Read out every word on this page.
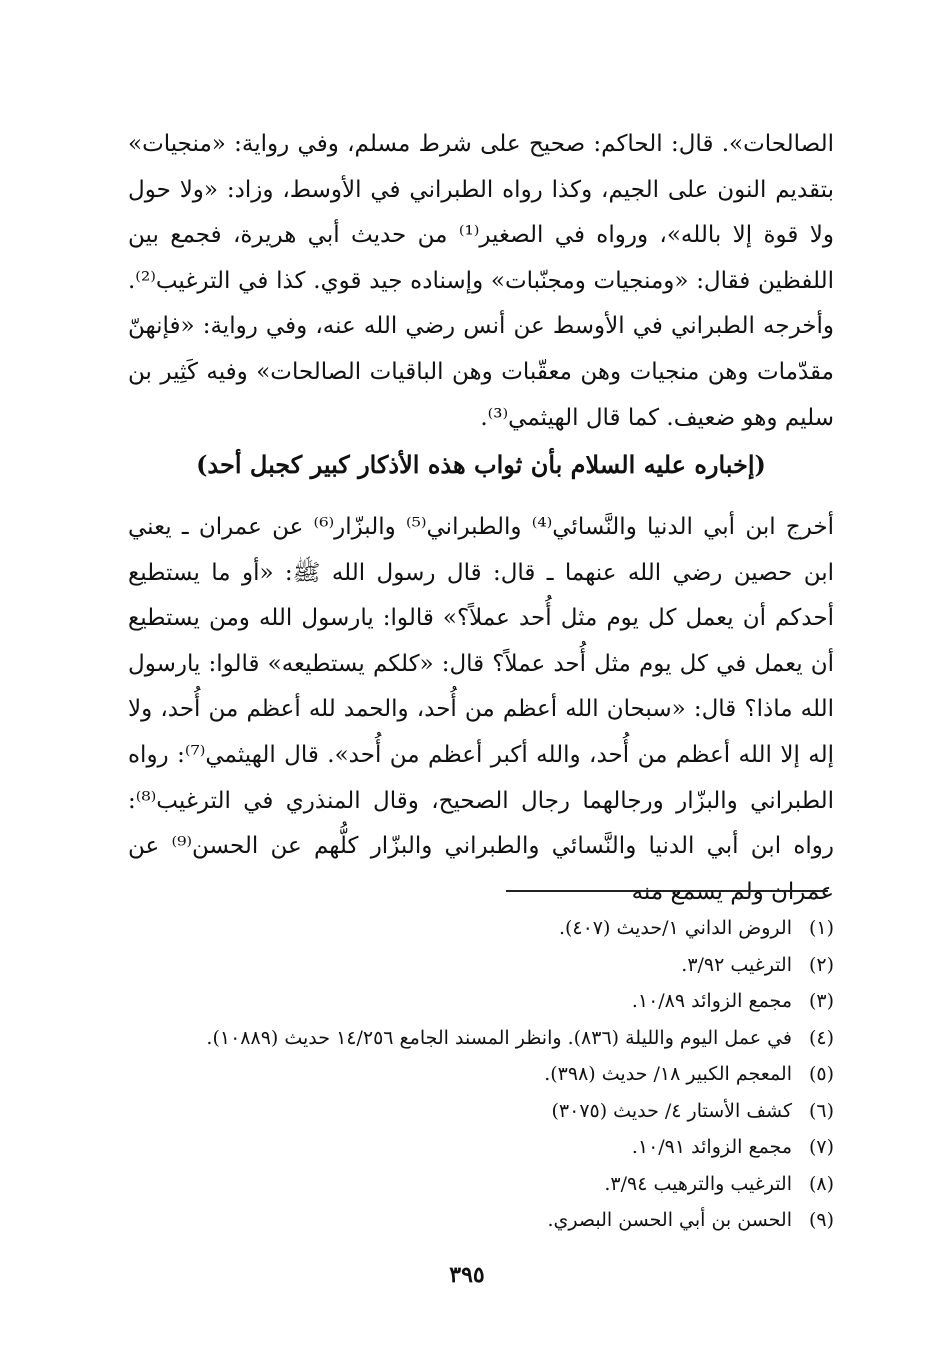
الصالحات». قال: الحاكم: صحيح على شرط مسلم، وفي رواية: «منجيات» بتقديم النون على الجيم، وكذا رواه الطبراني في الأوسط، وزاد: «ولا حول ولا قوة إلا بالله»، ورواه في الصغير⁽¹⁾ من حديث أبي هريرة، فجمع بين اللفظين فقال: «ومنجيات ومجنّبات» وإسناده جيد قوي. كذا في الترغيب⁽²⁾. وأخرجه الطبراني في الأوسط عن أنس رضي الله عنه، وفي رواية: «فإنهنّ مقدّمات وهن منجيات وهن معقّبات وهن الباقيات الصالحات» وفيه كَثِير بن سليم وهو ضعيف. كما قال الهيثمي⁽³⁾.

(إخباره عليه السلام بأن ثواب هذه الأذكار كبير كجبل أحد)

أخرج ابن أبي الدنيا والنَّسائي⁽⁴⁾ والطبراني⁽⁵⁾ والبزّار⁽⁶⁾ عن عمران ـ يعني ابن حصين رضي الله عنهما ـ قال: قال رسول الله ﷺ: «أو ما يستطيع أحدكم أن يعمل كل يوم مثل أُحد عملاً؟» قالوا: يارسول الله ومن يستطيع أن يعمل في كل يوم مثل أُحد عملاً؟ قال: «كلكم يستطيعه» قالوا: يارسول الله ماذا؟ قال: «سبحان الله أعظم من أُحد، والحمد لله أعظم من أُحد، ولا إله إلا الله أعظم من أُحد، والله أكبر أعظم من أُحد». قال الهيثمي⁽⁷⁾: رواه الطبراني والبزّار ورجالهما رجال الصحيح، وقال المنذري في الترغيب⁽⁸⁾: رواه ابن أبي الدنيا والنَّسائي والطبراني والبزّار كلُّهم عن الحسن⁽⁹⁾ عن عمران ولم يسمع منه

(١)
الروض الداني ١/حديث (٤٠٧).
(٢)
الترغيب ٣/٩٢.
(٣)
مجمع الزوائد ١٠/٨٩.
(٤)
في عمل اليوم والليلة (٨٣٦). وانظر المسند الجامع ١٤/٢٥٦ حديث (١٠٨٨٩).
(٥)
المعجم الكبير ١٨/ حديث (٣٩٨).
(٦)
كشف الأستار ٤/ حديث (٣٠٧٥)
(٧)
مجمع الزوائد ١٠/٩١.
(٨)
الترغيب والترهيب ٣/٩٤.
(٩)
الحسن بن أبي الحسن البصري.
٣٩٥
